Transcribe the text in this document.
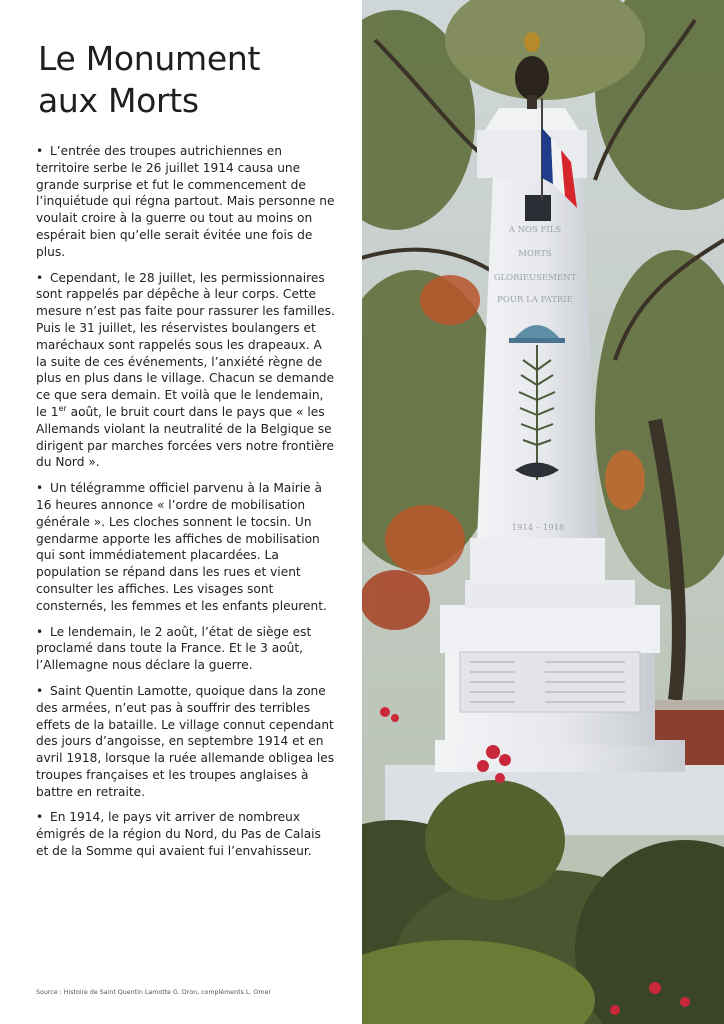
Le Monument
aux Morts

• L’entrée des troupes autrichiennes en territoire serbe le 26 juillet 1914 causa une grande surprise et fut le commencement de l’inquiétude qui régna partout. Mais personne ne voulait croire à la guerre ou tout au moins on espérait bien qu’elle serait évitée une fois de plus.

• Cependant, le 28 juillet, les permissionnaires sont rappelés par dépêche à leur corps. Cette mesure n’est pas faite pour rassurer les familles. Puis le 31 juillet, les réservistes boulangers et maréchaux sont rappelés sous les drapeaux. A la suite de ces événements, l’anxiété règne de plus en plus dans le village. Chacun se demande ce que sera demain. Et voilà que le lendemain, le 1er août, le bruit court dans le pays que « les Allemands violant la neutralité de la Belgique se dirigent par marches forcées vers notre frontière du Nord ».

• Un télégramme officiel parvenu à la Mairie à 16 heures annonce « l’ordre de mobilisation générale ». Les cloches sonnent le tocsin. Un gendarme apporte les affiches de mobilisation qui sont immédiatement placardées. La population se répand dans les rues et vient consulter les affiches. Les visages sont consternés, les femmes et les enfants pleurent.

• Le lendemain, le 2 août, l’état de siège est proclamé dans toute la France. Et le 3 août, l’Allemagne nous déclare la guerre.

• Saint Quentin Lamotte, quoique dans la zone des armées, n’eut pas à souffrir des terribles effets de la bataille. Le village connut cependant des jours d’angoisse, en septembre 1914 et en avril 1918, lorsque la ruée allemande obligea les troupes françaises et les troupes anglaises à battre en retraite.

• En 1914, le pays vit arriver de nombreux émigrés de la région du Nord, du Pas de Calais et de la Somme qui avaient fui l’envahisseur.

Source : Histoire de Saint Quentin Lamotte G. Dron, compléments L. Omer
A NOS FILS
MORTS
GLORIEUSEMENT
POUR LA PATRIE
1914 – 1918
